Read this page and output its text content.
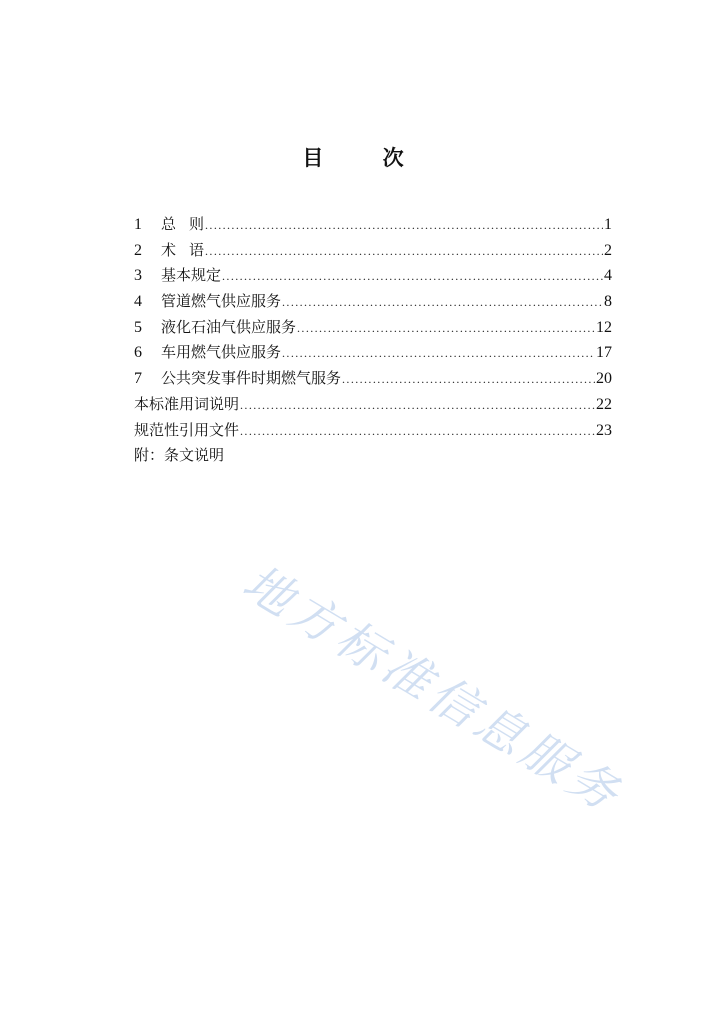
目 次
1	总 则 .....	1
2	术 语 .....	2
3	基本规定 .....	4
4	管道燃气供应服务 .....	8
5	液化石油气供应服务 .....	12
6	车用燃气供应服务 .....	17
7	公共突发事件时期燃气服务 .....	20
本标准用词说明 .....	22
规范性引用文件 .....	23
附：条文说明
地方标准信息服务
